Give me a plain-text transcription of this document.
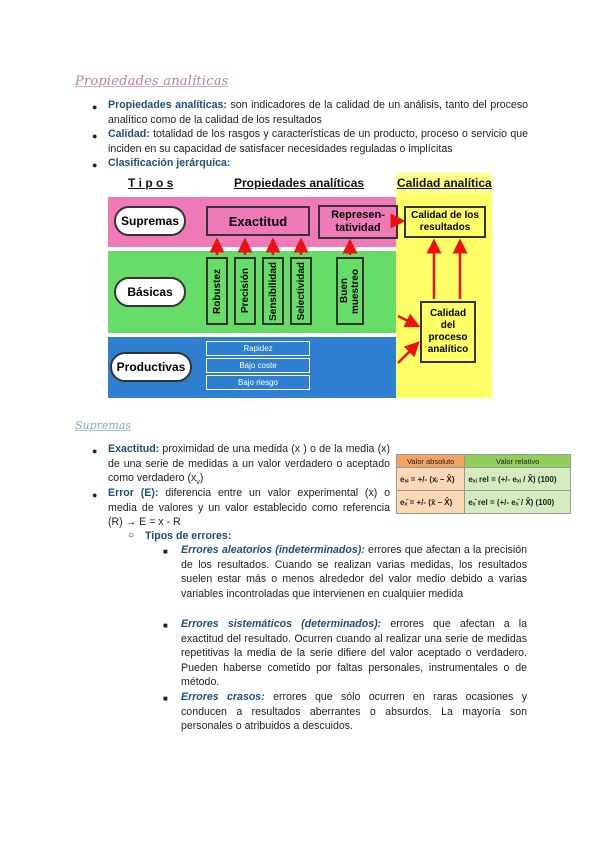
Propiedades analíticas
● Propiedades analíticas: son indicadores de la calidad de un análisis, tanto del proceso analítico como de la calidad de los resultados
● Calidad: totalidad de los rasgos y características de un producto, proceso o servicio que inciden en su capacidad de satisfacer necesidades reguladas o implícitas
● Clasificación jerárquica:
T i p o s	Propiedades analíticas	Calidad analítica
Supremas	Exactitud	Represen-tatividad
Calidad de los resultados
Básicas	Robustez Precisión Sensibilidad Selectividad	Buen muestreo	Calidad del proceso analítico
Productivas
Rapidez
Bajo coste
Bajo riesgo
Supremas
● Exactitud: proximidad de una medida (x ) o de la media (x) de una serie de medidas a un valor verdadero o aceptado como verdadero $(x_v)$
● Error (E): diferencia entre un valor experimental (x) o media de valores y un valor establecido como referencia (R) → E = x - R
Valor absoluto	Valor relativo
eₓᵢ = +/- (xᵢ – X̂)	eₓᵢ rel = (+/- eₓᵢ / X̂) (100)
eₓ̄ = +/- (x̄ – X̂)	eₓ̄ rel = (+/- eₓ̄ / X̂) (100)
○ Tipos de errores:
■ Errores aleatorios (indeterminados): errores que afectan a la precisión de los resultados. Cuando se realizan varias medidas, los resultados suelen estar más o menos alrededor del valor medio debido a varias variables incontroladas que intervienen en cualquier medida
■ Errores sistemáticos (determinados): errores que afectan a la exactitud del resultado. Ocurren cuando al realizar una serie de medidas repetitivas la media de la serie difiere del valor aceptado o verdadero. Pueden haberse cometido por faltas personales, instrumentales o de método.
■ Errores crasos: errores que sólo ocurren en raras ocasiones y conducen a resultados aberrantes o absurdos. La mayoría son personales o atribuidos a descuidos.
